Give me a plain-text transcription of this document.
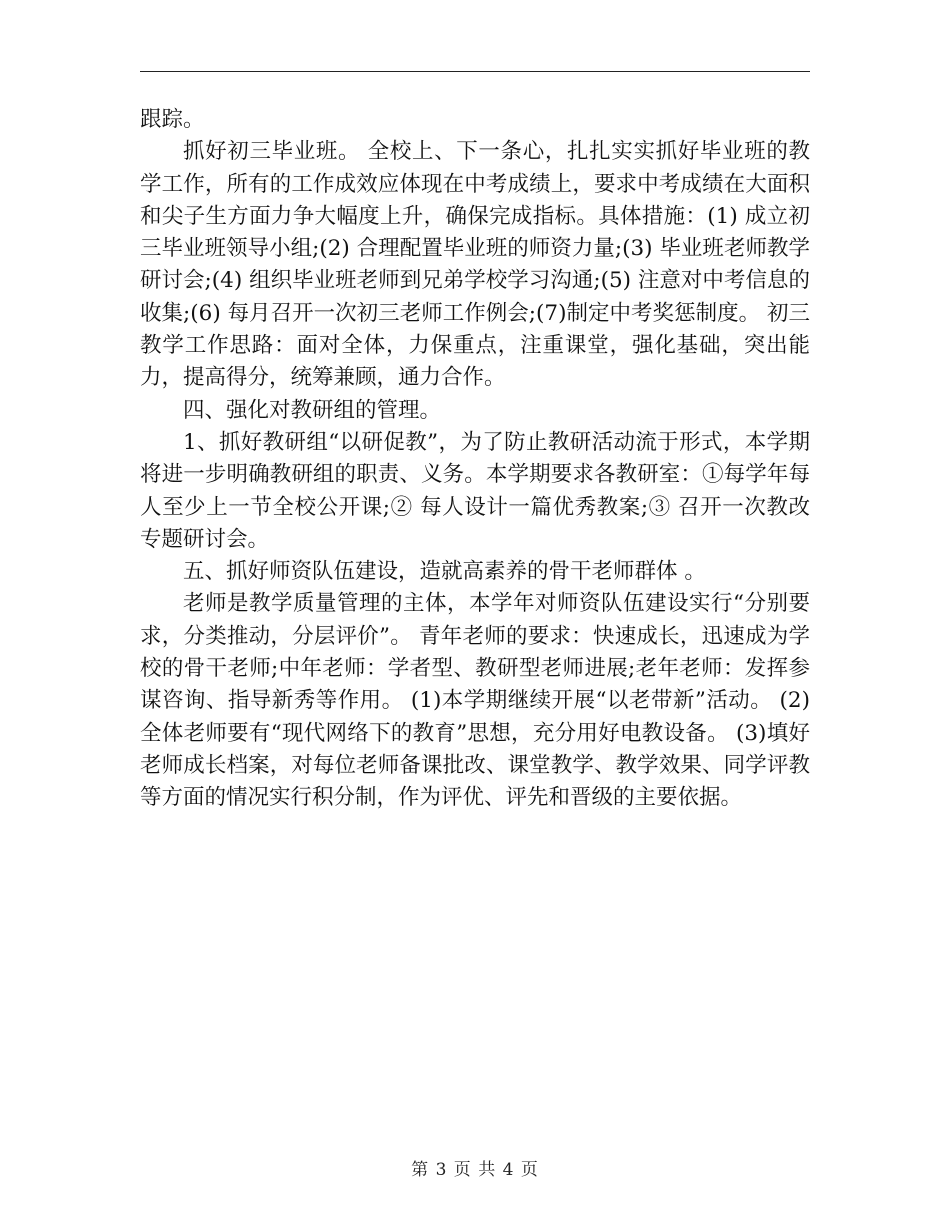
跟踪。

抓好初三毕业班。 全校上、下一条心，扎扎实实抓好毕业班的教学工作，所有的工作成效应体现在中考成绩上，要求中考成绩在大面积和尖子生方面力争大幅度上升，确保完成指标。具体措施：(1) 成立初三毕业班领导小组;(2) 合理配置毕业班的师资力量;(3) 毕业班老师教学研讨会;(4) 组织毕业班老师到兄弟学校学习沟通;(5) 注意对中考信息的收集;(6) 每月召开一次初三老师工作例会;(7)制定中考奖惩制度。 初三教学工作思路：面对全体，力保重点，注重课堂，强化基础，突出能力，提高得分，统筹兼顾，通力合作。

四、强化对教研组的管理。

1、抓好教研组“以研促教”，为了防止教研活动流于形式，本学期将进一步明确教研组的职责、义务。本学期要求各教研室：①每学年每人至少上一节全校公开课;② 每人设计一篇优秀教案;③ 召开一次教改专题研讨会。

五、抓好师资队伍建设，造就高素养的骨干老师群体 。

老师是教学质量管理的主体，本学年对师资队伍建设实行“分别要求，分类推动，分层评价”。 青年老师的要求：快速成长，迅速成为学校的骨干老师;中年老师：学者型、教研型老师进展;老年老师：发挥参谋咨询、指导新秀等作用。 (1)本学期继续开展“以老带新”活动。 (2)全体老师要有“现代网络下的教育”思想，充分用好电教设备。 (3)填好老师成长档案，对每位老师备课批改、课堂教学、教学效果、同学评教等方面的情况实行积分制，作为评优、评先和晋级的主要依据。

第 3 页 共 4 页
